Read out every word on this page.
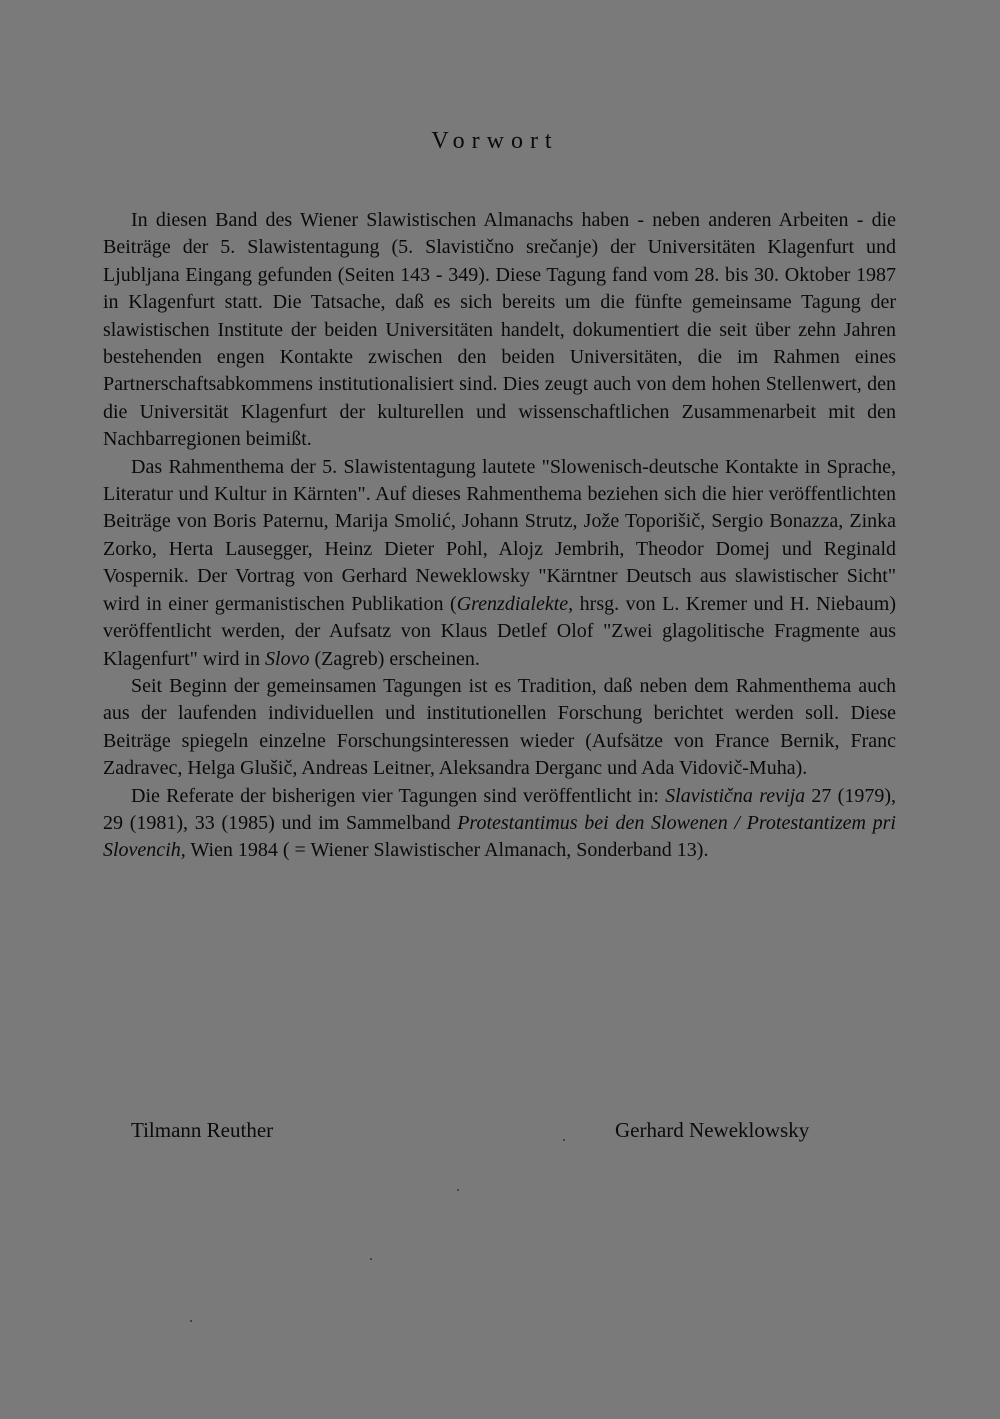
Vorwort

In diesen Band des Wiener Slawistischen Almanachs haben - neben anderen Arbeiten - die Beiträge der 5. Slawistentagung (5. Slavistično srečanje) der Universitäten Klagenfurt und Ljubljana Eingang gefunden (Seiten 143 - 349). Diese Tagung fand vom 28. bis 30. Oktober 1987 in Klagenfurt statt. Die Tatsache, daß es sich bereits um die fünfte gemeinsame Tagung der slawistischen Institute der beiden Universitäten handelt, dokumentiert die seit über zehn Jahren bestehenden engen Kontakte zwischen den beiden Universitäten, die im Rahmen eines Partnerschaftsabkommens institutionalisiert sind. Dies zeugt auch von dem hohen Stellenwert, den die Universität Klagenfurt der kulturellen und wissenschaftlichen Zusammenarbeit mit den Nachbarregionen beimißt.

Das Rahmenthema der 5. Slawistentagung lautete "Slowenisch-deutsche Kontakte in Sprache, Literatur und Kultur in Kärnten". Auf dieses Rahmenthema beziehen sich die hier veröffentlichten Beiträge von Boris Paternu, Marija Smolić, Johann Strutz, Jože Toporišič, Sergio Bonazza, Zinka Zorko, Herta Lausegger, Heinz Dieter Pohl, Alojz Jembrih, Theodor Domej und Reginald Vospernik. Der Vortrag von Gerhard Neweklowsky "Kärntner Deutsch aus slawistischer Sicht" wird in einer germanistischen Publikation (Grenzdialekte, hrsg. von L. Kremer und H. Niebaum) veröffentlicht werden, der Aufsatz von Klaus Detlef Olof "Zwei glagolitische Fragmente aus Klagenfurt" wird in Slovo (Zagreb) erscheinen.

Seit Beginn der gemeinsamen Tagungen ist es Tradition, daß neben dem Rahmenthema auch aus der laufenden individuellen und institutionellen Forschung berichtet werden soll. Diese Beiträge spiegeln einzelne Forschungsinteressen wieder (Aufsätze von France Bernik, Franc Zadravec, Helga Glušič, Andreas Leitner, Aleksandra Derganc und Ada Vidovič-Muha).

Die Referate der bisherigen vier Tagungen sind veröffentlicht in: Slavistična revija 27 (1979), 29 (1981), 33 (1985) und im Sammelband Protestantimus bei den Slowenen / Protestantizem pri Slovencih, Wien 1984 ( = Wiener Slawistischer Almanach, Sonderband 13).

Tilmann Reuther	Gerhard Neweklowsky
